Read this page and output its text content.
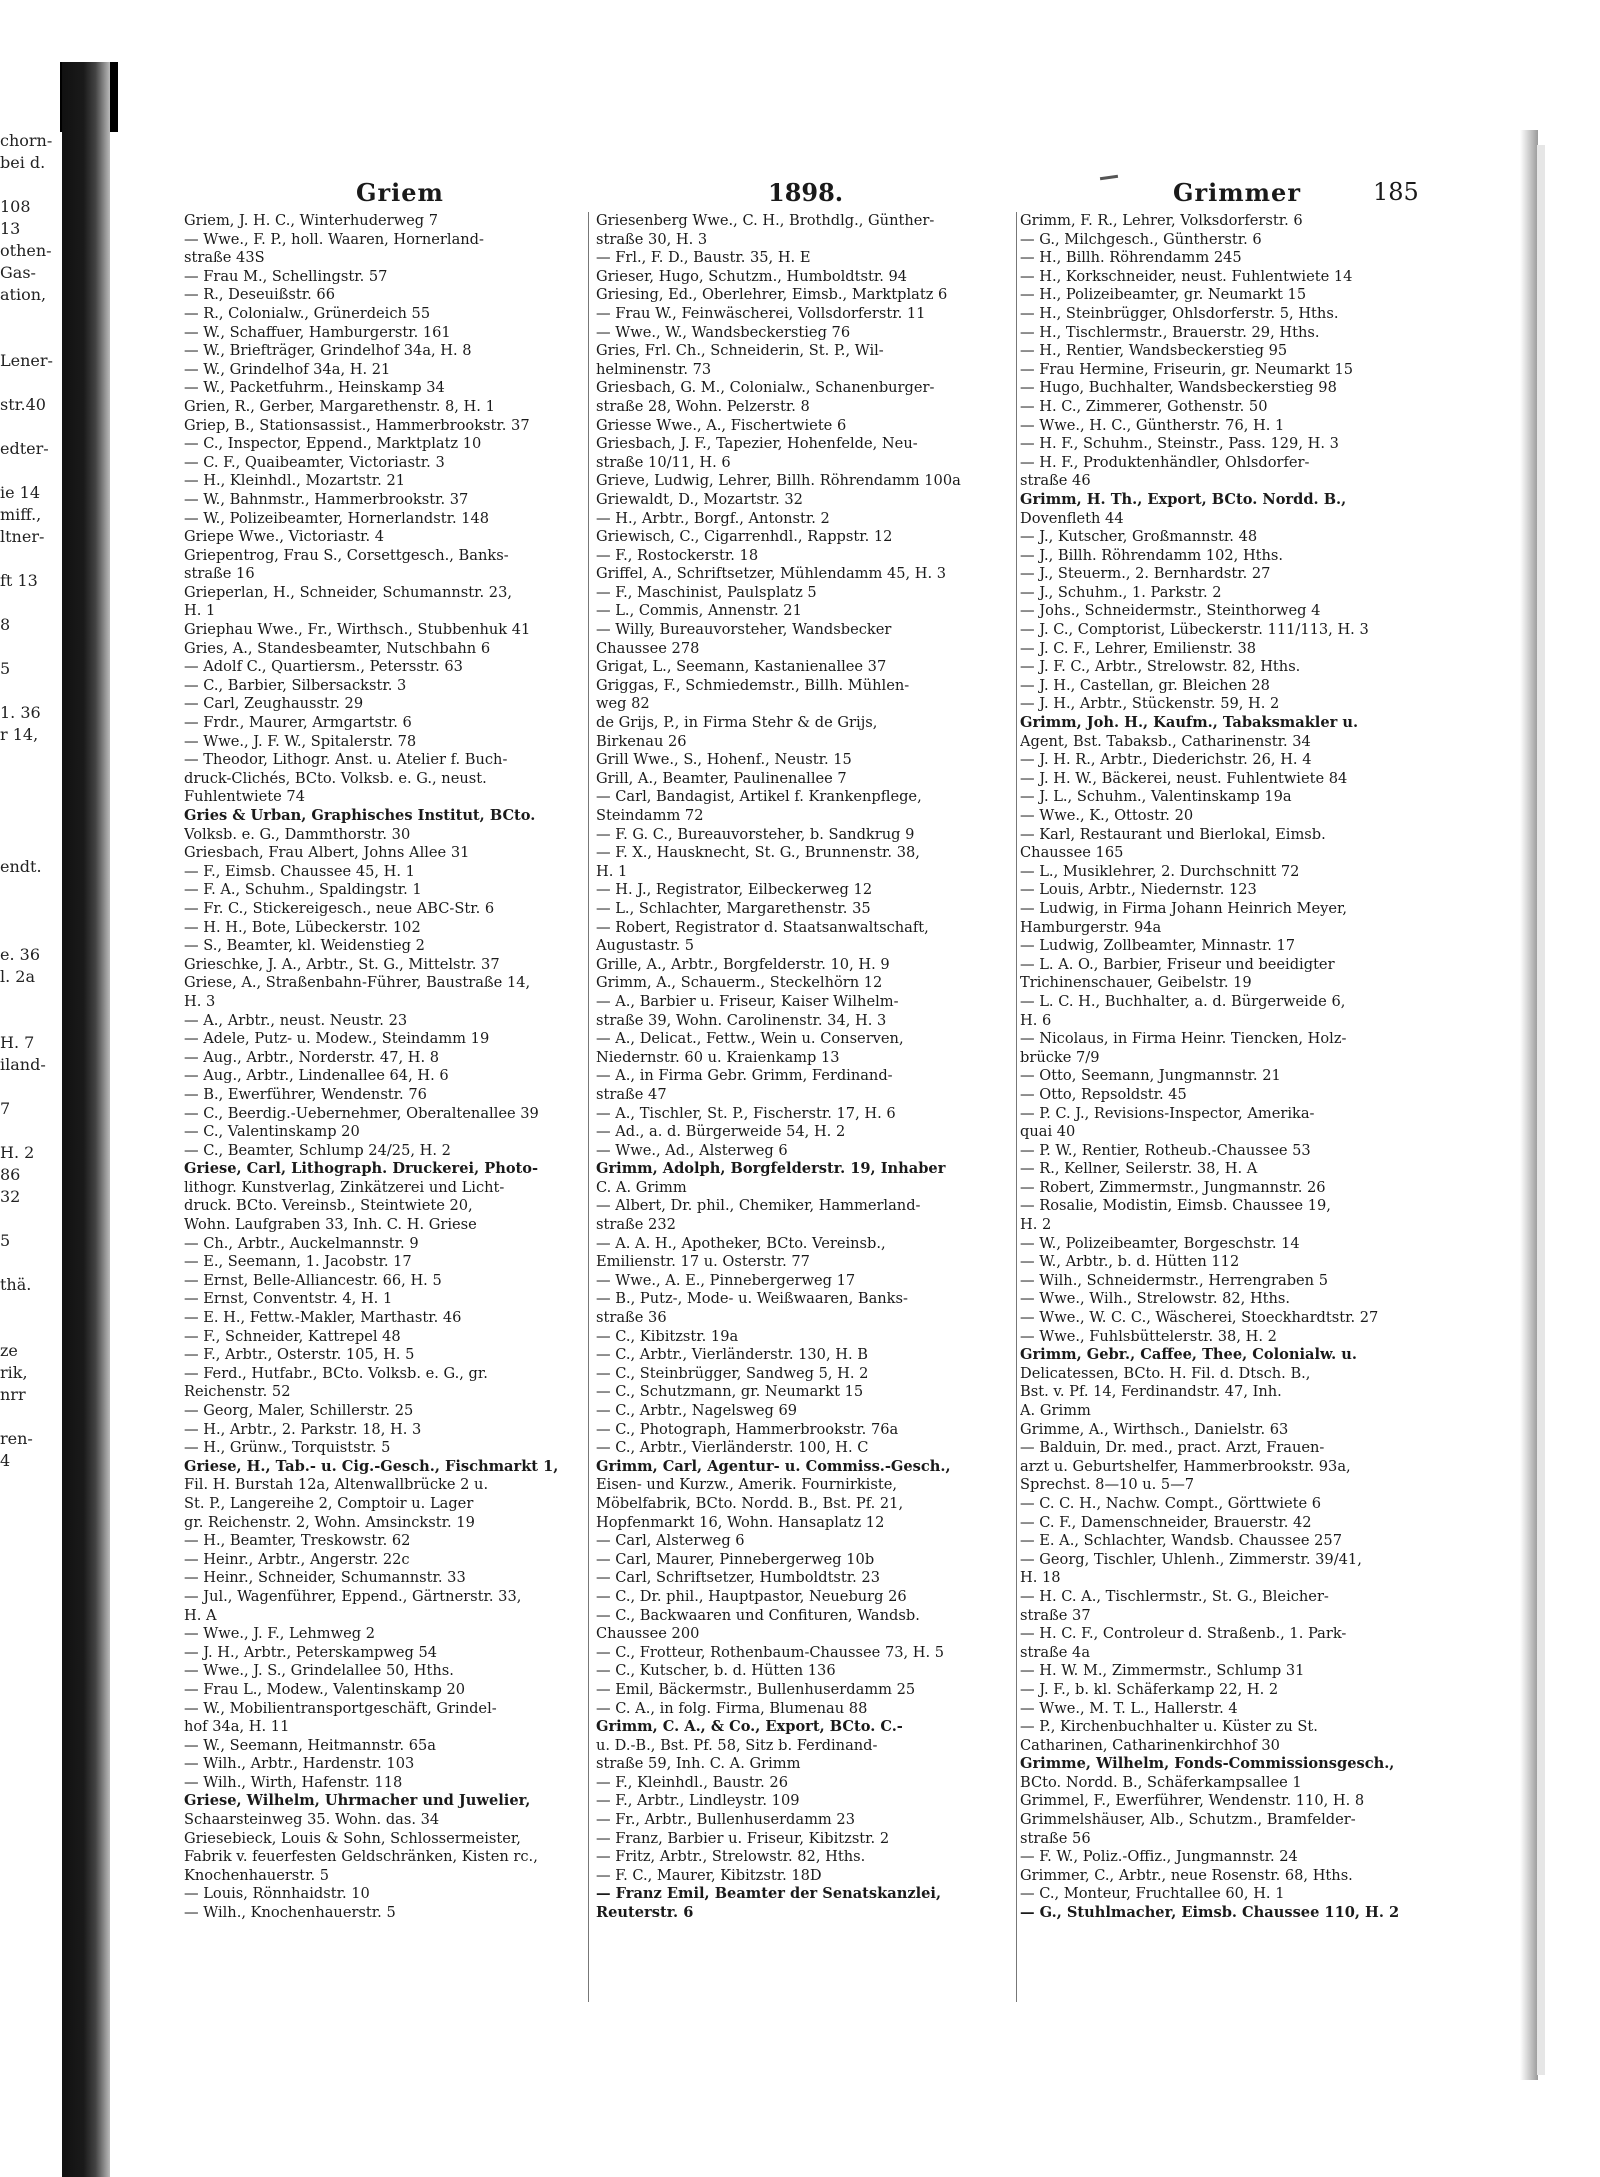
chorn-
bei d.
108
13
othen-
Gas-
ation,
Lener-
str.40
edter-
ie 14
miff.,
ltner-
ft 13
8
5
1. 36
r 14,
endt.
e. 36
l. 2a
H. 7
iland-
7
H. 2
86
32
5
thä.
ze
rik,
nrr
ren-
4
Griem	1898.	Grimmer	185
Griem, J. H. C., Winterhuderweg 7
— Wwe., F. P., holl. Waaren, Hornerland-
straße 43S
— Frau M., Schellingstr. 57
— R., Deseuißstr. 66
— R., Colonialw., Grünerdeich 55
— W., Schaffuer, Hamburgerstr. 161
— W., Briefträger, Grindelhof 34a, H. 8
— W., Grindelhof 34a, H. 21
— W., Packetfuhrm., Heinskamp 34
Grien, R., Gerber, Margarethenstr. 8, H. 1
Griep, B., Stationsassist., Hammerbrookstr. 37
— C., Inspector, Eppend., Marktplatz 10
— C. F., Quaibeamter, Victoriastr. 3
— H., Kleinhdl., Mozartstr. 21
— W., Bahnmstr., Hammerbrookstr. 37
— W., Polizeibeamter, Hornerlandstr. 148
Griepe Wwe., Victoriastr. 4
Griepentrog, Frau S., Corsettgesch., Banks-
straße 16
Grieperlan, H., Schneider, Schumannstr. 23,
H. 1
Griephau Wwe., Fr., Wirthsch., Stubbenhuk 41
Gries, A., Standesbeamter, Nutschbahn 6
— Adolf C., Quartiersm., Petersstr. 63
— C., Barbier, Silbersackstr. 3
— Carl, Zeughausstr. 29
— Frdr., Maurer, Armgartstr. 6
— Wwe., J. F. W., Spitalerstr. 78
— Theodor, Lithogr. Anst. u. Atelier f. Buch-
druck-Clichés, BCto. Volksb. e. G., neust.
Fuhlentwiete 74
Gries & Urban, Graphisches Institut, BCto.
Volksb. e. G., Dammthorstr. 30
Griesbach, Frau Albert, Johns Allee 31
— F., Eimsb. Chaussee 45, H. 1
— F. A., Schuhm., Spaldingstr. 1
— Fr. C., Stickereigesch., neue ABC-Str. 6
— H. H., Bote, Lübeckerstr. 102
— S., Beamter, kl. Weidenstieg 2
Grieschke, J. A., Arbtr., St. G., Mittelstr. 37
Griese, A., Straßenbahn-Führer, Baustraße 14,
H. 3
— A., Arbtr., neust. Neustr. 23
— Adele, Putz- u. Modew., Steindamm 19
— Aug., Arbtr., Norderstr. 47, H. 8
— Aug., Arbtr., Lindenallee 64, H. 6
— B., Ewerführer, Wendenstr. 76
— C., Beerdig.-Uebernehmer, Oberaltenallee 39
— C., Valentinskamp 20
— C., Beamter, Schlump 24/25, H. 2
Griese, Carl, Lithograph. Druckerei, Photo-
lithogr. Kunstverlag, Zinkätzerei und Licht-
druck. BCto. Vereinsb., Steintwiete 20,
Wohn. Laufgraben 33, Inh. C. H. Griese
— Ch., Arbtr., Auckelmannstr. 9
— E., Seemann, 1. Jacobstr. 17
— Ernst, Belle-Alliancestr. 66, H. 5
— Ernst, Conventstr. 4, H. 1
— E. H., Fettw.-Makler, Marthastr. 46
— F., Schneider, Kattrepel 48
— F., Arbtr., Osterstr. 105, H. 5
— Ferd., Hutfabr., BCto. Volksb. e. G., gr.
Reichenstr. 52
— Georg, Maler, Schillerstr. 25
— H., Arbtr., 2. Parkstr. 18, H. 3
— H., Grünw., Torquiststr. 5
Griese, H., Tab.- u. Cig.-Gesch., Fischmarkt 1,
Fil. H. Burstah 12a, Altenwallbrücke 2 u.
St. P., Langereihe 2, Comptoir u. Lager
gr. Reichenstr. 2, Wohn. Amsinckstr. 19
— H., Beamter, Treskowstr. 62
— Heinr., Arbtr., Angerstr. 22c
— Heinr., Schneider, Schumannstr. 33
— Jul., Wagenführer, Eppend., Gärtnerstr. 33,
H. A
— Wwe., J. F., Lehmweg 2
— J. H., Arbtr., Peterskampweg 54
— Wwe., J. S., Grindelallee 50, Hths.
— Frau L., Modew., Valentinskamp 20
— W., Mobilientransportgeschäft, Grindel-
hof 34a, H. 11
— W., Seemann, Heitmannstr. 65a
— Wilh., Arbtr., Hardenstr. 103
— Wilh., Wirth, Hafenstr. 118
Griese, Wilhelm, Uhrmacher und Juwelier,
Schaarsteinweg 35. Wohn. das. 34
Griesebieck, Louis & Sohn, Schlossermeister,
Fabrik v. feuerfesten Geldschränken, Kisten rc.,
Knochenhauerstr. 5
— Louis, Rönnhaidstr. 10
— Wilh., Knochenhauerstr. 5
Griesenberg Wwe., C. H., Brothdlg., Günther-
straße 30, H. 3
— Frl., F. D., Baustr. 35, H. E
Grieser, Hugo, Schutzm., Humboldtstr. 94
Griesing, Ed., Oberlehrer, Eimsb., Marktplatz 6
— Frau W., Feinwäscherei, Vollsdorferstr. 11
— Wwe., W., Wandsbeckerstieg 76
Gries, Frl. Ch., Schneiderin, St. P., Wil-
helminenstr. 73
Griesbach, G. M., Colonialw., Schanenburger-
straße 28, Wohn. Pelzerstr. 8
Griesse Wwe., A., Fischertwiete 6
Griesbach, J. F., Tapezier, Hohenfelde, Neu-
straße 10/11, H. 6
Grieve, Ludwig, Lehrer, Billh. Röhrendamm 100a
Griewaldt, D., Mozartstr. 32
— H., Arbtr., Borgf., Antonstr. 2
Griewisch, C., Cigarrenhdl., Rappstr. 12
— F., Rostockerstr. 18
Griffel, A., Schriftsetzer, Mühlendamm 45, H. 3
— F., Maschinist, Paulsplatz 5
— L., Commis, Annenstr. 21
— Willy, Bureauvorsteher, Wandsbecker
Chaussee 278
Grigat, L., Seemann, Kastanienallee 37
Griggas, F., Schmiedemstr., Billh. Mühlen-
weg 82
de Grijs, P., in Firma Stehr & de Grijs,
Birkenau 26
Grill Wwe., S., Hohenf., Neustr. 15
Grill, A., Beamter, Paulinenallee 7
— Carl, Bandagist, Artikel f. Krankenpflege,
Steindamm 72
— F. G. C., Bureauvorsteher, b. Sandkrug 9
— F. X., Hausknecht, St. G., Brunnenstr. 38,
H. 1
— H. J., Registrator, Eilbeckerweg 12
— L., Schlachter, Margarethenstr. 35
— Robert, Registrator d. Staatsanwaltschaft,
Augustastr. 5
Grille, A., Arbtr., Borgfelderstr. 10, H. 9
Grimm, A., Schauerm., Steckelhörn 12
— A., Barbier u. Friseur, Kaiser Wilhelm-
straße 39, Wohn. Carolinenstr. 34, H. 3
— A., Delicat., Fettw., Wein u. Conserven,
Niedernstr. 60 u. Kraienkamp 13
— A., in Firma Gebr. Grimm, Ferdinand-
straße 47
— A., Tischler, St. P., Fischerstr. 17, H. 6
— Ad., a. d. Bürgerweide 54, H. 2
— Wwe., Ad., Alsterweg 6
Grimm, Adolph, Borgfelderstr. 19, Inhaber
C. A. Grimm
— Albert, Dr. phil., Chemiker, Hammerland-
straße 232
— A. A. H., Apotheker, BCto. Vereinsb.,
Emilienstr. 17 u. Osterstr. 77
— Wwe., A. E., Pinnebergerweg 17
— B., Putz-, Mode- u. Weißwaaren, Banks-
straße 36
— C., Kibitzstr. 19a
— C., Arbtr., Vierländerstr. 130, H. B
— C., Steinbrügger, Sandweg 5, H. 2
— C., Schutzmann, gr. Neumarkt 15
— C., Arbtr., Nagelsweg 69
— C., Photograph, Hammerbrookstr. 76a
— C., Arbtr., Vierländerstr. 100, H. C
Grimm, Carl, Agentur- u. Commiss.-Gesch.,
Eisen- und Kurzw., Amerik. Fournirkiste,
Möbelfabrik, BCto. Nordd. B., Bst. Pf. 21,
Hopfenmarkt 16, Wohn. Hansaplatz 12
— Carl, Alsterweg 6
— Carl, Maurer, Pinnebergerweg 10b
— Carl, Schriftsetzer, Humboldtstr. 23
— C., Dr. phil., Hauptpastor, Neueburg 26
— C., Backwaaren und Confituren, Wandsb.
Chaussee 200
— C., Frotteur, Rothenbaum-Chaussee 73, H. 5
— C., Kutscher, b. d. Hütten 136
— Emil, Bäckermstr., Bullenhuserdamm 25
— C. A., in folg. Firma, Blumenau 88
Grimm, C. A., & Co., Export, BCto. C.-
u. D.-B., Bst. Pf. 58, Sitz b. Ferdinand-
straße 59, Inh. C. A. Grimm
— F., Kleinhdl., Baustr. 26
— F., Arbtr., Lindleystr. 109
— Fr., Arbtr., Bullenhuserdamm 23
— Franz, Barbier u. Friseur, Kibitzstr. 2
— Fritz, Arbtr., Strelowstr. 82, Hths.
— F. C., Maurer, Kibitzstr. 18D
— Franz Emil, Beamter der Senatskanzlei,
Reuterstr. 6
Grimm, F. R., Lehrer, Volksdorferstr. 6
— G., Milchgesch., Güntherstr. 6
— H., Billh. Röhrendamm 245
— H., Korkschneider, neust. Fuhlentwiete 14
— H., Polizeibeamter, gr. Neumarkt 15
— H., Steinbrügger, Ohlsdorferstr. 5, Hths.
— H., Tischlermstr., Brauerstr. 29, Hths.
— H., Rentier, Wandsbeckerstieg 95
— Frau Hermine, Friseurin, gr. Neumarkt 15
— Hugo, Buchhalter, Wandsbeckerstieg 98
— H. C., Zimmerer, Gothenstr. 50
— Wwe., H. C., Güntherstr. 76, H. 1
— H. F., Schuhm., Steinstr., Pass. 129, H. 3
— H. F., Produktenhändler, Ohlsdorfer-
straße 46
Grimm, H. Th., Export, BCto. Nordd. B.,
Dovenfleth 44
— J., Kutscher, Großmannstr. 48
— J., Billh. Röhrendamm 102, Hths.
— J., Steuerm., 2. Bernhardstr. 27
— J., Schuhm., 1. Parkstr. 2
— Johs., Schneidermstr., Steinthorweg 4
— J. C., Comptorist, Lübeckerstr. 111/113, H. 3
— J. C. F., Lehrer, Emilienstr. 38
— J. F. C., Arbtr., Strelowstr. 82, Hths.
— J. H., Castellan, gr. Bleichen 28
— J. H., Arbtr., Stückenstr. 59, H. 2
Grimm, Joh. H., Kaufm., Tabaksmakler u.
Agent, Bst. Tabaksb., Catharinenstr. 34
— J. H. R., Arbtr., Diederichstr. 26, H. 4
— J. H. W., Bäckerei, neust. Fuhlentwiete 84
— J. L., Schuhm., Valentinskamp 19a
— Wwe., K., Ottostr. 20
— Karl, Restaurant und Bierlokal, Eimsb.
Chaussee 165
— L., Musiklehrer, 2. Durchschnitt 72
— Louis, Arbtr., Niedernstr. 123
— Ludwig, in Firma Johann Heinrich Meyer,
Hamburgerstr. 94a
— Ludwig, Zollbeamter, Minnastr. 17
— L. A. O., Barbier, Friseur und beeidigter
Trichinenschauer, Geibelstr. 19
— L. C. H., Buchhalter, a. d. Bürgerweide 6,
H. 6
— Nicolaus, in Firma Heinr. Tiencken, Holz-
brücke 7/9
— Otto, Seemann, Jungmannstr. 21
— Otto, Repsoldstr. 45
— P. C. J., Revisions-Inspector, Amerika-
quai 40
— P. W., Rentier, Rotheub.-Chaussee 53
— R., Kellner, Seilerstr. 38, H. A
— Robert, Zimmermstr., Jungmannstr. 26
— Rosalie, Modistin, Eimsb. Chaussee 19,
H. 2
— W., Polizeibeamter, Borgeschstr. 14
— W., Arbtr., b. d. Hütten 112
— Wilh., Schneidermstr., Herrengraben 5
— Wwe., Wilh., Strelowstr. 82, Hths.
— Wwe., W. C. C., Wäscherei, Stoeckhardtstr. 27
— Wwe., Fuhlsbüttelerstr. 38, H. 2
Grimm, Gebr., Caffee, Thee, Colonialw. u.
Delicatessen, BCto. H. Fil. d. Dtsch. B.,
Bst. v. Pf. 14, Ferdinandstr. 47, Inh.
A. Grimm
Grimme, A., Wirthsch., Danielstr. 63
— Balduin, Dr. med., pract. Arzt, Frauen-
arzt u. Geburtshelfer, Hammerbrookstr. 93a,
Sprechst. 8—10 u. 5—7
— C. C. H., Nachw. Compt., Görttwiete 6
— C. F., Damenschneider, Brauerstr. 42
— E. A., Schlachter, Wandsb. Chaussee 257
— Georg, Tischler, Uhlenh., Zimmerstr. 39/41,
H. 18
— H. C. A., Tischlermstr., St. G., Bleicher-
straße 37
— H. C. F., Controleur d. Straßenb., 1. Park-
straße 4a
— H. W. M., Zimmermstr., Schlump 31
— J. F., b. kl. Schäferkamp 22, H. 2
— Wwe., M. T. L., Hallerstr. 4
— P., Kirchenbuchhalter u. Küster zu St.
Catharinen, Catharinenkirchhof 30
Grimme, Wilhelm, Fonds-Commissionsgesch.,
BCto. Nordd. B., Schäferkampsallee 1
Grimmel, F., Ewerführer, Wendenstr. 110, H. 8
Grimmelshäuser, Alb., Schutzm., Bramfelder-
straße 56
— F. W., Poliz.-Offiz., Jungmannstr. 24
Grimmer, C., Arbtr., neue Rosenstr. 68, Hths.
— C., Monteur, Fruchtallee 60, H. 1
— G., Stuhlmacher, Eimsb. Chaussee 110, H. 2
